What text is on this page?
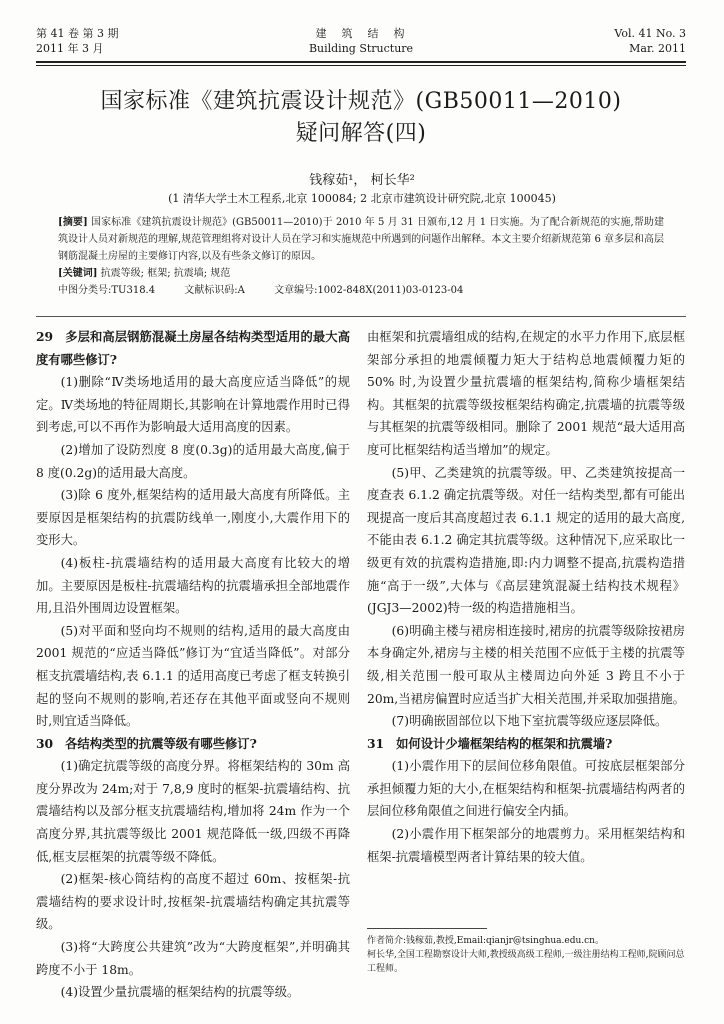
第 41 卷 第 3 期
2011 年 3 月
建　筑　结　构
Building Structure
Vol. 41 No. 3
Mar. 2011
国家标准《建筑抗震设计规范》(GB50011—2010)
疑问解答(四)
钱稼茹¹， 柯长华²
(1 清华大学土木工程系,北京 100084; 2 北京市建筑设计研究院,北京 100045)
[摘要] 国家标准《建筑抗震设计规范》(GB50011—2010)于 2010 年 5 月 31 日颁布,12 月 1 日实施。为了配合新规范的实施,帮助建筑设计人员对新规范的理解,规范管理组将对设计人员在学习和实施规范中所遇到的问题作出解释。本文主要介绍新规范第 6 章多层和高层钢筋混凝土房屋的主要修订内容,以及有些条文修订的原因。
[关键词] 抗震等级; 框架; 抗震墙; 规范
中图分类号:TU318.4	文献标识码:A	文章编号:1002-848X(2011)03-0123-04

29 多层和高层钢筋混凝土房屋各结构类型适用的最大高度有哪些修订?

(1)删除“Ⅳ类场地适用的最大高度应适当降低”的规定。Ⅳ类场地的特征周期长,其影响在计算地震作用时已得到考虑,可以不再作为影响最大适用高度的因素。

(2)增加了设防烈度 8 度(0.3g)的适用最大高度,偏于 8 度(0.2g)的适用最大高度。

(3)除 6 度外,框架结构的适用最大高度有所降低。主要原因是框架结构的抗震防线单一,刚度小,大震作用下的变形大。

(4)板柱-抗震墙结构的适用最大高度有比较大的增加。主要原因是板柱-抗震墙结构的抗震墙承担全部地震作用,且沿外围周边设置框架。

(5)对平面和竖向均不规则的结构,适用的最大高度由 2001 规范的“应适当降低”修订为“宜适当降低”。对部分框支抗震墙结构,表 6.1.1 的适用高度已考虑了框支转换引起的竖向不规则的影响,若还存在其他平面或竖向不规则时,则宜适当降低。

30 各结构类型的抗震等级有哪些修订?

(1)确定抗震等级的高度分界。将框架结构的 30m 高度分界改为 24m;对于 7,8,9 度时的框架-抗震墙结构、抗震墙结构以及部分框支抗震墙结构,增加将 24m 作为一个高度分界,其抗震等级比 2001 规范降低一级,四级不再降低,框支层框架的抗震等级不降低。

(2)框架-核心筒结构的高度不超过 60m、按框架-抗震墙结构的要求设计时,按框架-抗震墙结构确定其抗震等级。

(3)将“大跨度公共建筑”改为“大跨度框架”,并明确其跨度不小于 18m。

(4)设置少量抗震墙的框架结构的抗震等级。

由框架和抗震墙组成的结构,在规定的水平力作用下,底层框架部分承担的地震倾覆力矩大于结构总地震倾覆力矩的 50% 时,为设置少量抗震墙的框架结构,简称少墙框架结构。其框架的抗震等级按框架结构确定,抗震墙的抗震等级与其框架的抗震等级相同。删除了 2001 规范“最大适用高度可比框架结构适当增加”的规定。

(5)甲、乙类建筑的抗震等级。甲、乙类建筑按提高一度查表 6.1.2 确定抗震等级。对任一结构类型,都有可能出现提高一度后其高度超过表 6.1.1 规定的适用的最大高度,不能由表 6.1.2 确定其抗震等级。这种情况下,应采取比一级更有效的抗震构造措施,即:内力调整不提高,抗震构造措施“高于一级”,大体与《高层建筑混凝土结构技术规程》(JGJ3—2002)特一级的构造措施相当。

(6)明确主楼与裙房相连接时,裙房的抗震等级除按裙房本身确定外,裙房与主楼的相关范围不应低于主楼的抗震等级,相关范围一般可取从主楼周边向外延 3 跨且不小于 20m,当裙房偏置时应适当扩大相关范围,并采取加强措施。

(7)明确嵌固部位以下地下室抗震等级应逐层降低。

31 如何设计少墙框架结构的框架和抗震墙?

(1)小震作用下的层间位移角限值。可按底层框架部分承担倾覆力矩的大小,在框架结构和框架-抗震墙结构两者的层间位移角限值之间进行偏安全内插。

(2)小震作用下框架部分的地震剪力。采用框架结构和框架-抗震墙模型两者计算结果的较大值。

作者简介:钱稼茹,教授,Email:qianjr@tsinghua.edu.cn。
柯长华,全国工程勘察设计大师,教授级高级工程师,一级注册结构工程师,院顾问总工程师。
